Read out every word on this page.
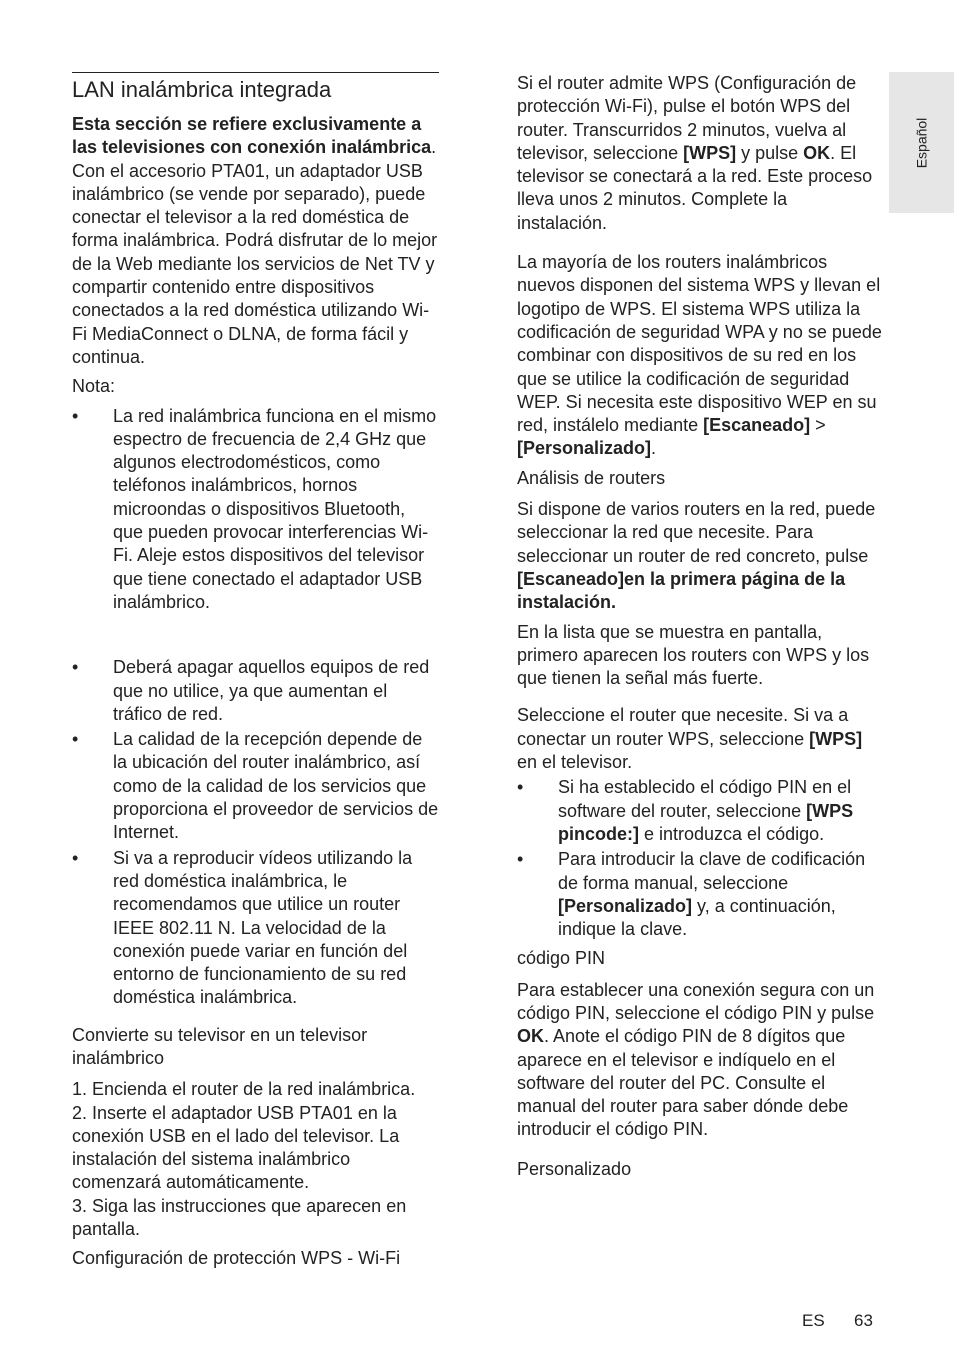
Español
LAN inalámbrica integrada

Esta sección se refiere exclusivamente a las televisiones con conexión inalámbrica. Con el accesorio PTA01, un adaptador USB inalámbrico (se vende por separado), puede conectar el televisor a la red doméstica de forma inalámbrica. Podrá disfrutar de lo mejor de la Web mediante los servicios de Net TV y compartir contenido entre dispositivos conectados a la red doméstica utilizando Wi-Fi MediaConnect o DLNA, de forma fácil y continua.

Nota:

• La red inalámbrica funciona en el mismo espectro de frecuencia de 2,4 GHz que algunos electrodomésticos, como teléfonos inalámbricos, hornos microondas o dispositivos Bluetooth, que pueden provocar interferencias Wi-Fi. Aleje estos dispositivos del televisor que tiene conectado el adaptador USB inalámbrico.
• Deberá apagar aquellos equipos de red que no utilice, ya que aumentan el tráfico de red.
• La calidad de la recepción depende de la ubicación del router inalámbrico, así como de la calidad de los servicios que proporciona el proveedor de servicios de Internet.
• Si va a reproducir vídeos utilizando la red doméstica inalámbrica, le recomendamos que utilice un router IEEE 802.11 N. La velocidad de la conexión puede variar en función del entorno de funcionamiento de su red doméstica inalámbrica.

Convierte su televisor en un televisor inalámbrico

1. Encienda el router de la red inalámbrica.

2. Inserte el adaptador USB PTA01 en la conexión USB en el lado del televisor. La instalación del sistema inalámbrico comenzará automáticamente.

3. Siga las instrucciones que aparecen en pantalla.

Configuración de protección WPS - Wi-Fi

Si el router admite WPS (Configuración de protección Wi-Fi), pulse el botón WPS del router. Transcurridos 2 minutos, vuelva al televisor, seleccione [WPS] y pulse OK. El televisor se conectará a la red. Este proceso lleva unos 2 minutos. Complete la instalación.

La mayoría de los routers inalámbricos nuevos disponen del sistema WPS y llevan el logotipo de WPS. El sistema WPS utiliza la codificación de seguridad WPA y no se puede combinar con dispositivos de su red en los que se utilice la codificación de seguridad WEP. Si necesita este dispositivo WEP en su red, instálelo mediante [Escaneado] > [Personalizado].

Análisis de routers

Si dispone de varios routers en la red, puede seleccionar la red que necesite. Para seleccionar un router de red concreto, pulse [Escaneado]en la primera página de la instalación.

En la lista que se muestra en pantalla, primero aparecen los routers con WPS y los que tienen la señal más fuerte.

Seleccione el router que necesite. Si va a conectar un router WPS, seleccione [WPS] en el televisor.

• Si ha establecido el código PIN en el software del router, seleccione [WPS pincode:] e introduzca el código.
• Para introducir la clave de codificación de forma manual, seleccione [Personalizado] y, a continuación, indique la clave.

código PIN

Para establecer una conexión segura con un código PIN, seleccione el código PIN y pulse OK. Anote el código PIN de 8 dígitos que aparece en el televisor e indíquelo en el software del router del PC. Consulte el manual del router para saber dónde debe introducir el código PIN.

Personalizado

ES 63
